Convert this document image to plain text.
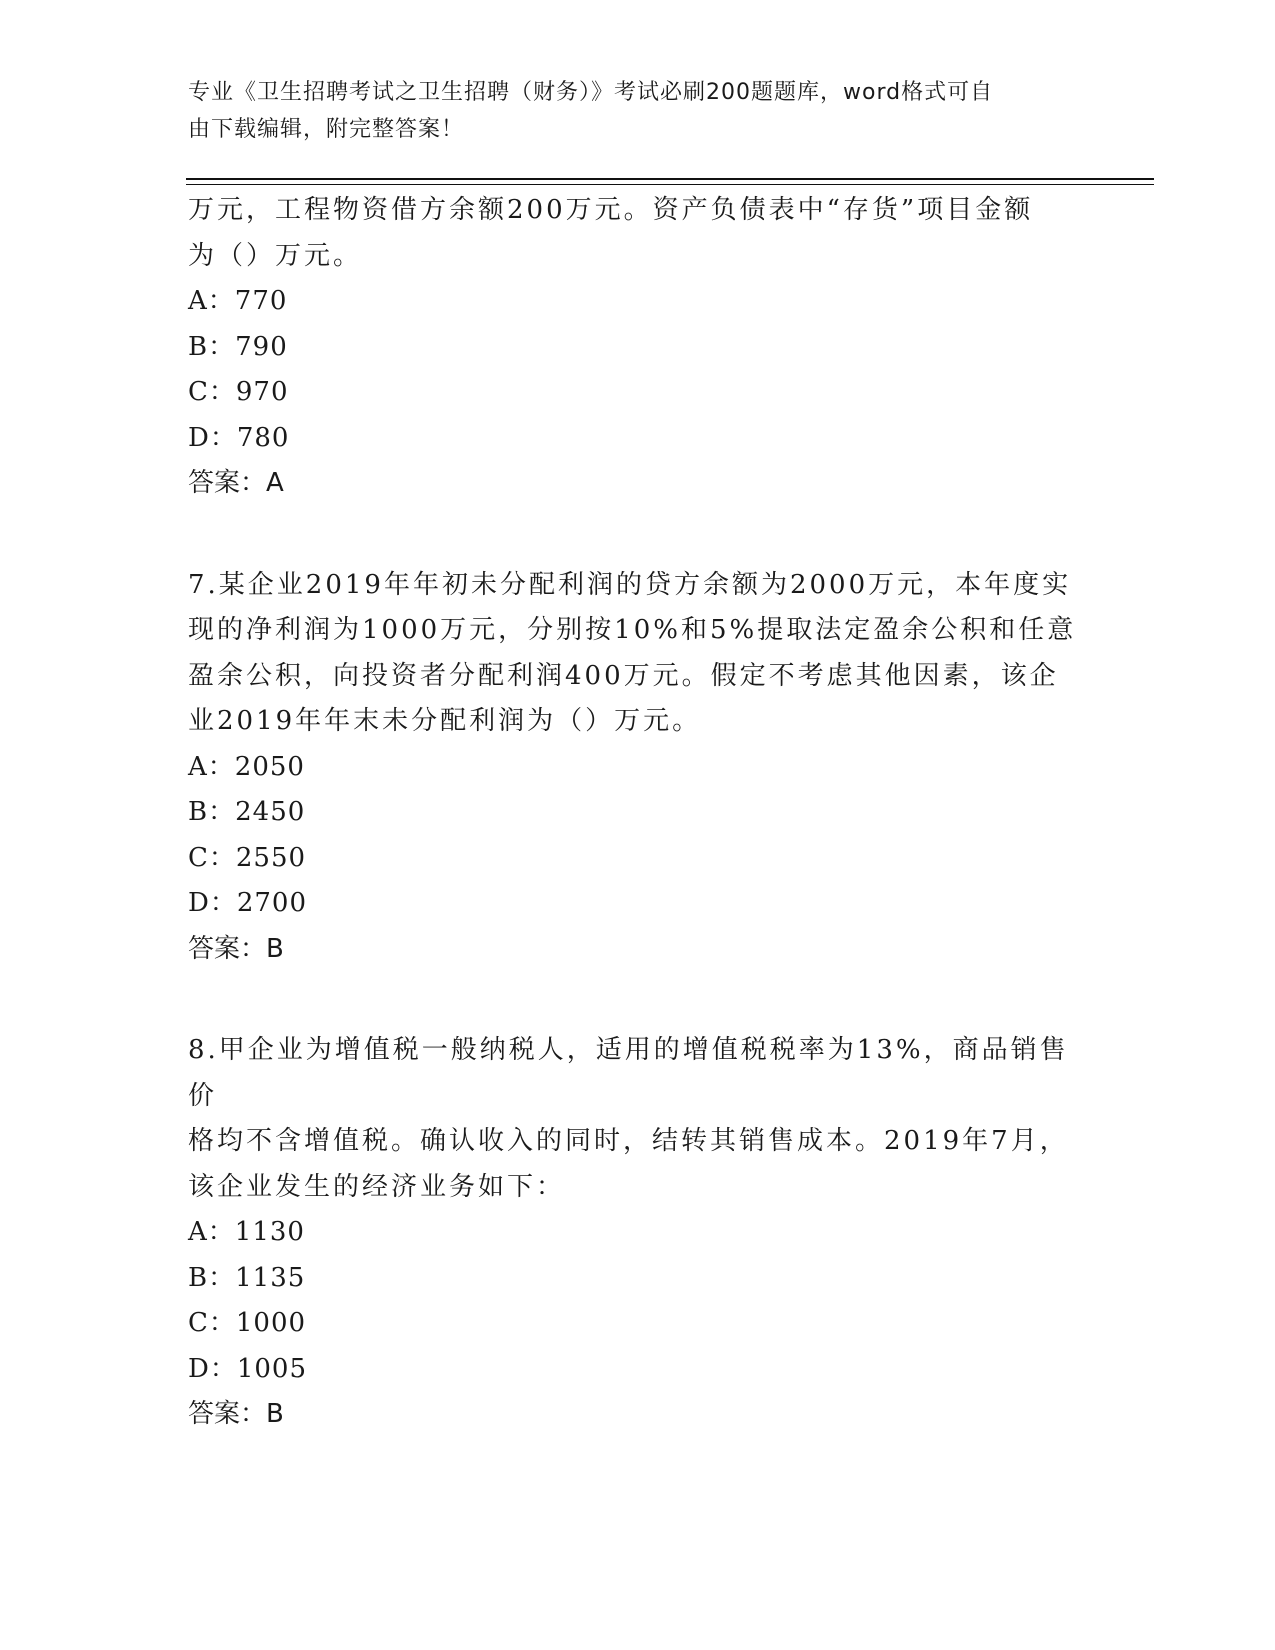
专业《卫生招聘考试之卫生招聘（财务）》考试必刷200题题库，word格式可自
由下载编辑，附完整答案！

万元，工程物资借方余额200万元。资产负债表中“存货”项目金额

为（）万元。

A：770

B：790

C：970

D：780

答案：A

7.某企业2019年年初未分配利润的贷方余额为2000万元，本年度实

现的净利润为1000万元，分别按10%和5%提取法定盈余公积和任意

盈余公积，向投资者分配利润400万元。假定不考虑其他因素，该企

业2019年年末未分配利润为（）万元。

A：2050

B：2450

C：2550

D：2700

答案：B

8.甲企业为增值税一般纳税人，适用的增值税税率为13%，商品销售价

格均不含增值税。确认收入的同时，结转其销售成本。2019年7月，

该企业发生的经济业务如下：

A：1130

B：1135

C：1000

D：1005

答案：B
